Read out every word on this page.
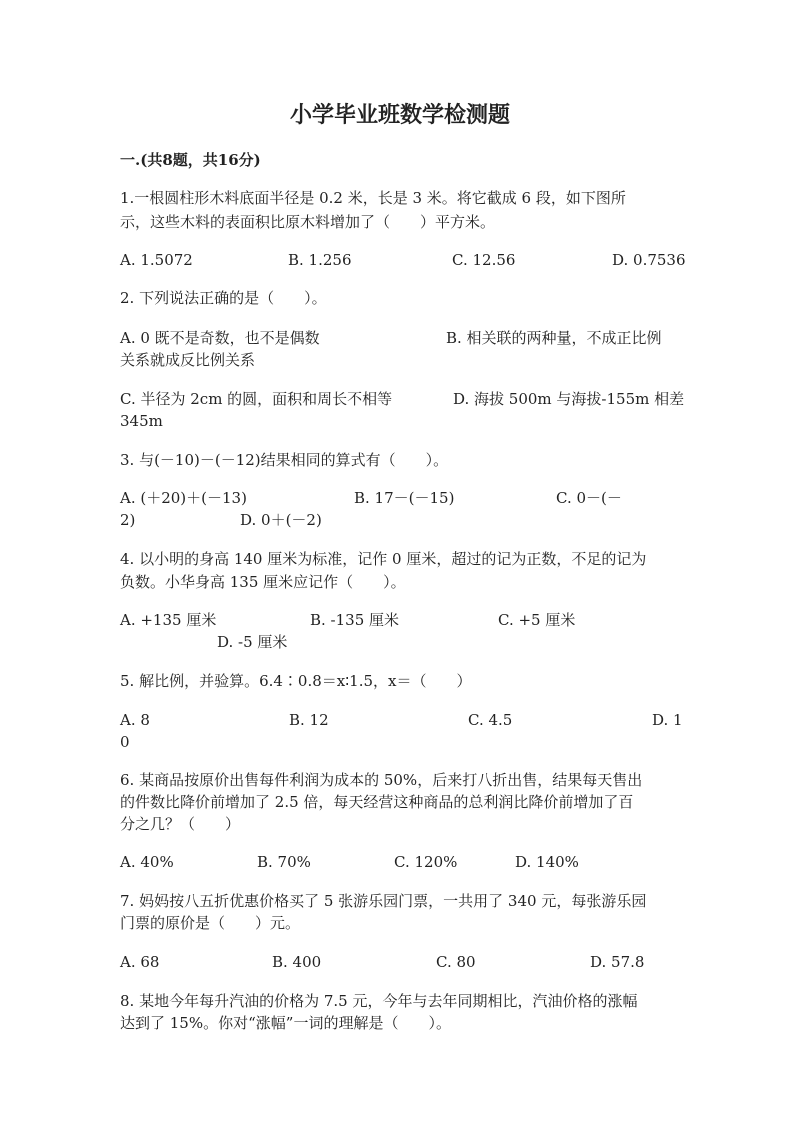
小学毕业班数学检测题
一.(共8题，共16分)
1.一根圆柱形木料底面半径是 0.2 米，长是 3 米。将它截成 6 段，如下图所
示，这些木料的表面积比原木料增加了（　　）平方米。
A. 1.5072	B. 1.256	C. 12.56	D. 0.7536
2. 下列说法正确的是（　　）。
A. 0 既不是奇数，也不是偶数	B. 相关联的两种量，不成正比例
关系就成反比例关系
C. 半径为 2cm 的圆，面积和周长不相等	D. 海拔 500m 与海拔-155m 相差
345m
3. 与(－10)－(－12)结果相同的算式有（　　）。
A. (＋20)＋(－13)	B. 17－(－15)	C. 0－(－
2)	D. 0＋(－2)
4. 以小明的身高 140 厘米为标准，记作 0 厘米，超过的记为正数，不足的记为
负数。小华身高 135 厘米应记作（　　）。
A. +135 厘米	B. -135 厘米	C. +5 厘米
D. -5 厘米
5. 解比例，并验算。6.4∶0.8＝x∶1.5，x＝（　　）
A. 8	B. 12	C. 4.5	D. 1
0
6. 某商品按原价出售每件利润为成本的 50%，后来打八折出售，结果每天售出
的件数比降价前增加了 2.5 倍，每天经营这种商品的总利润比降价前增加了百
分之几？（　　）
A. 40%	B. 70%	C. 120%	D. 140%
7. 妈妈按八五折优惠价格买了 5 张游乐园门票，一共用了 340 元，每张游乐园
门票的原价是（　　）元。
A. 68	B. 400	C. 80	D. 57.8
8. 某地今年每升汽油的价格为 7.5 元，今年与去年同期相比，汽油价格的涨幅
达到了 15%。你对“涨幅”一词的理解是（　　）。
